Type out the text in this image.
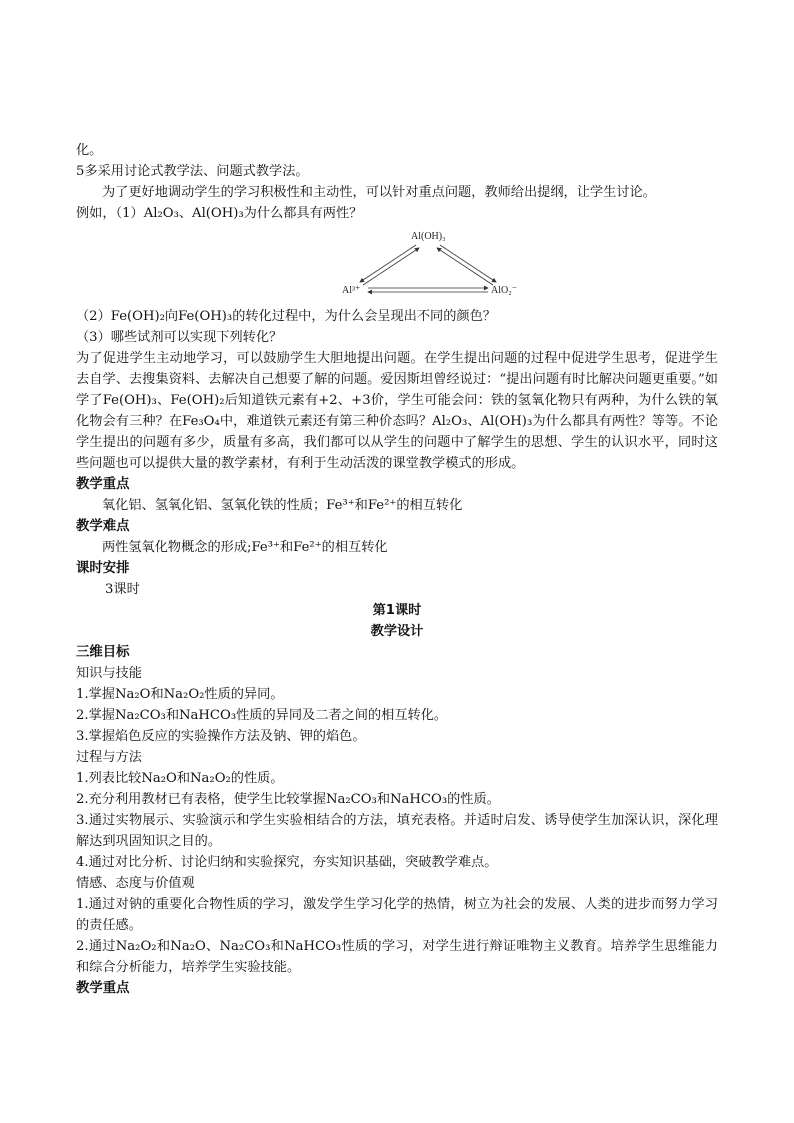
化。
5多采用讨论式教学法、问题式教学法。
为了更好地调动学生的学习积极性和主动性，可以针对重点问题，教师给出提纲，让学生讨论。
例如，（1）Al₂O₃、Al(OH)₃为什么都具有两性？
Al(OH)₃
Al³⁺	AlO₂⁻
（2）Fe(OH)₂向Fe(OH)₃的转化过程中，为什么会呈现出不同的颜色？
（3）哪些试剂可以实现下列转化？
为了促进学生主动地学习，可以鼓励学生大胆地提出问题。在学生提出问题的过程中促进学生思考，促进学生去自学、去搜集资料、去解决自己想要了解的问题。爱因斯坦曾经说过：“提出问题有时比解决问题更重要。”如学了Fe(OH)₃、Fe(OH)₂后知道铁元素有+2、+3价，学生可能会问：铁的氢氧化物只有两种，为什么铁的氧化物会有三种？在Fe₃O₄中，难道铁元素还有第三种价态吗？Al₂O₃、Al(OH)₃为什么都具有两性？等等。不论学生提出的问题有多少，质量有多高，我们都可以从学生的问题中了解学生的思想、学生的认识水平，同时这些问题也可以提供大量的教学素材，有利于生动活泼的课堂教学模式的形成。
教学重点
氧化铝、氢氧化铝、氢氧化铁的性质；Fe³⁺和Fe²⁺的相互转化
教学难点
两性氢氧化物概念的形成;Fe³⁺和Fe²⁺的相互转化
课时安排
3课时
第1课时
教学设计
三维目标
知识与技能
1.掌握Na₂O和Na₂O₂性质的异同。
2.掌握Na₂CO₃和NaHCO₃性质的异同及二者之间的相互转化。
3.掌握焰色反应的实验操作方法及钠、钾的焰色。
过程与方法
1.列表比较Na₂O和Na₂O₂的性质。
2.充分利用教材已有表格，使学生比较掌握Na₂CO₃和NaHCO₃的性质。
3.通过实物展示、实验演示和学生实验相结合的方法，填充表格。并适时启发、诱导使学生加深认识，深化理解达到巩固知识之目的。
4.通过对比分析、讨论归纳和实验探究，夯实知识基础，突破教学难点。
情感、态度与价值观
1.通过对钠的重要化合物性质的学习，激发学生学习化学的热情，树立为社会的发展、人类的进步而努力学习的责任感。
2.通过Na₂O₂和Na₂O、Na₂CO₃和NaHCO₃性质的学习，对学生进行辩证唯物主义教育。培养学生思维能力和综合分析能力，培养学生实验技能。
教学重点
